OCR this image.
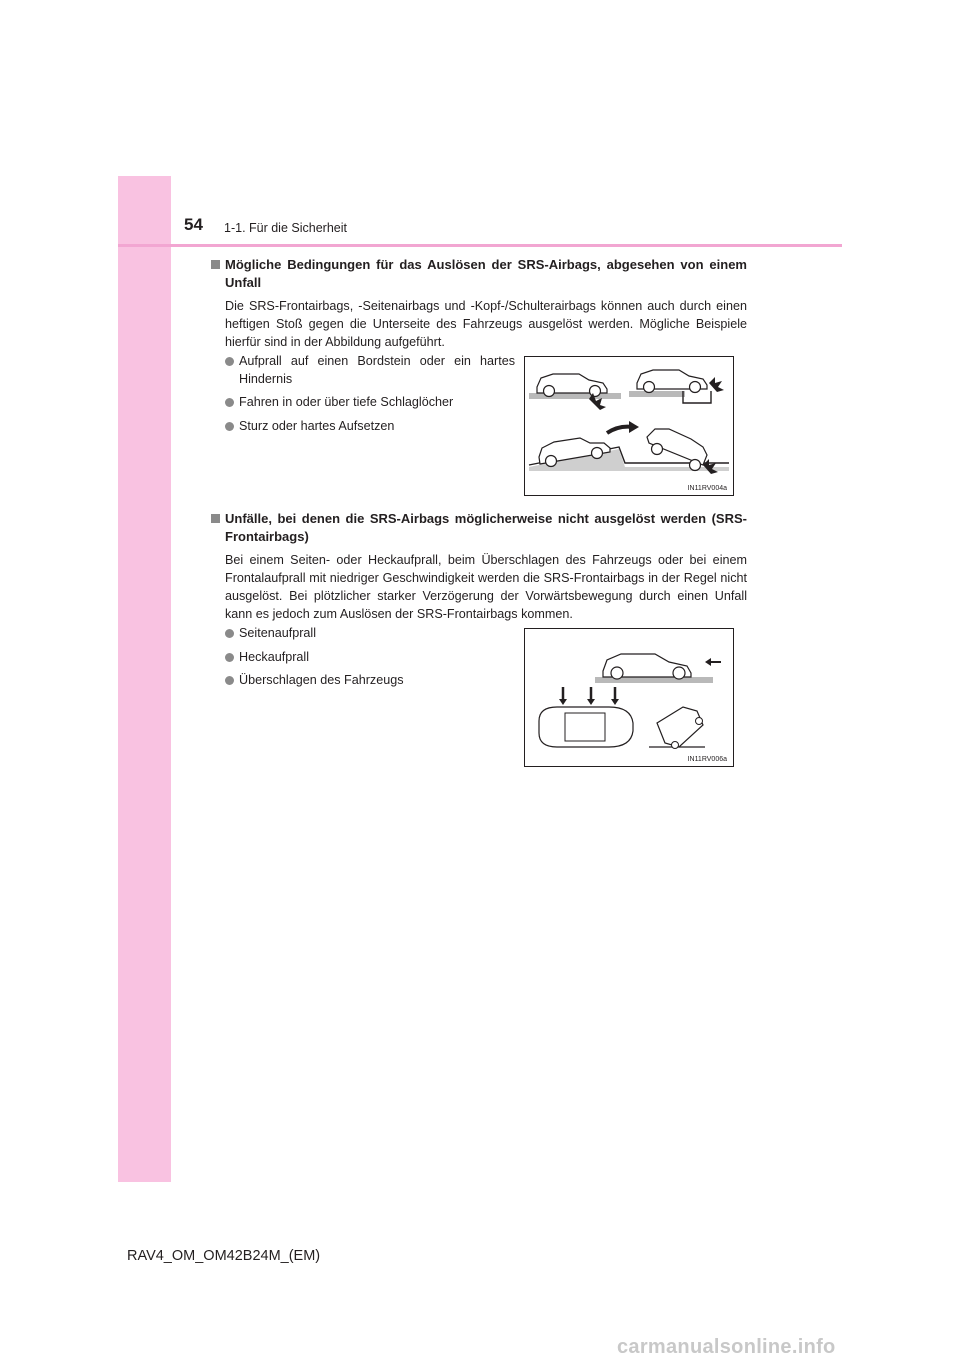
54 1-1. Für die Sicherheit
Mögliche Bedingungen für das Auslösen der SRS-Airbags, abgesehen von einem Unfall
Die SRS-Frontairbags, -Seitenairbags und -Kopf-/Schulterairbags können auch durch einen heftigen Stoß gegen die Unterseite des Fahrzeugs ausgelöst werden. Mögliche Beispiele hierfür sind in der Abbildung aufgeführt.
Aufprall auf einen Bordstein oder ein hartes Hindernis
Fahren in oder über tiefe Schlaglöcher
Sturz oder hartes Aufsetzen
IN11RV004a
Unfälle, bei denen die SRS-Airbags möglicherweise nicht ausgelöst werden (SRS-Frontairbags)
Bei einem Seiten- oder Heckaufprall, beim Überschlagen des Fahrzeugs oder bei einem Frontalaufprall mit niedriger Geschwindigkeit werden die SRS-Frontairbags in der Regel nicht ausgelöst. Bei plötzlicher starker Verzögerung der Vorwärtsbewegung durch einen Unfall kann es jedoch zum Auslösen der SRS-Frontairbags kommen.
Seitenaufprall
Heckaufprall
Überschlagen des Fahrzeugs
IN11RV006a
RAV4_OM_OM42B24M_(EM)
carmanualsonline.info
